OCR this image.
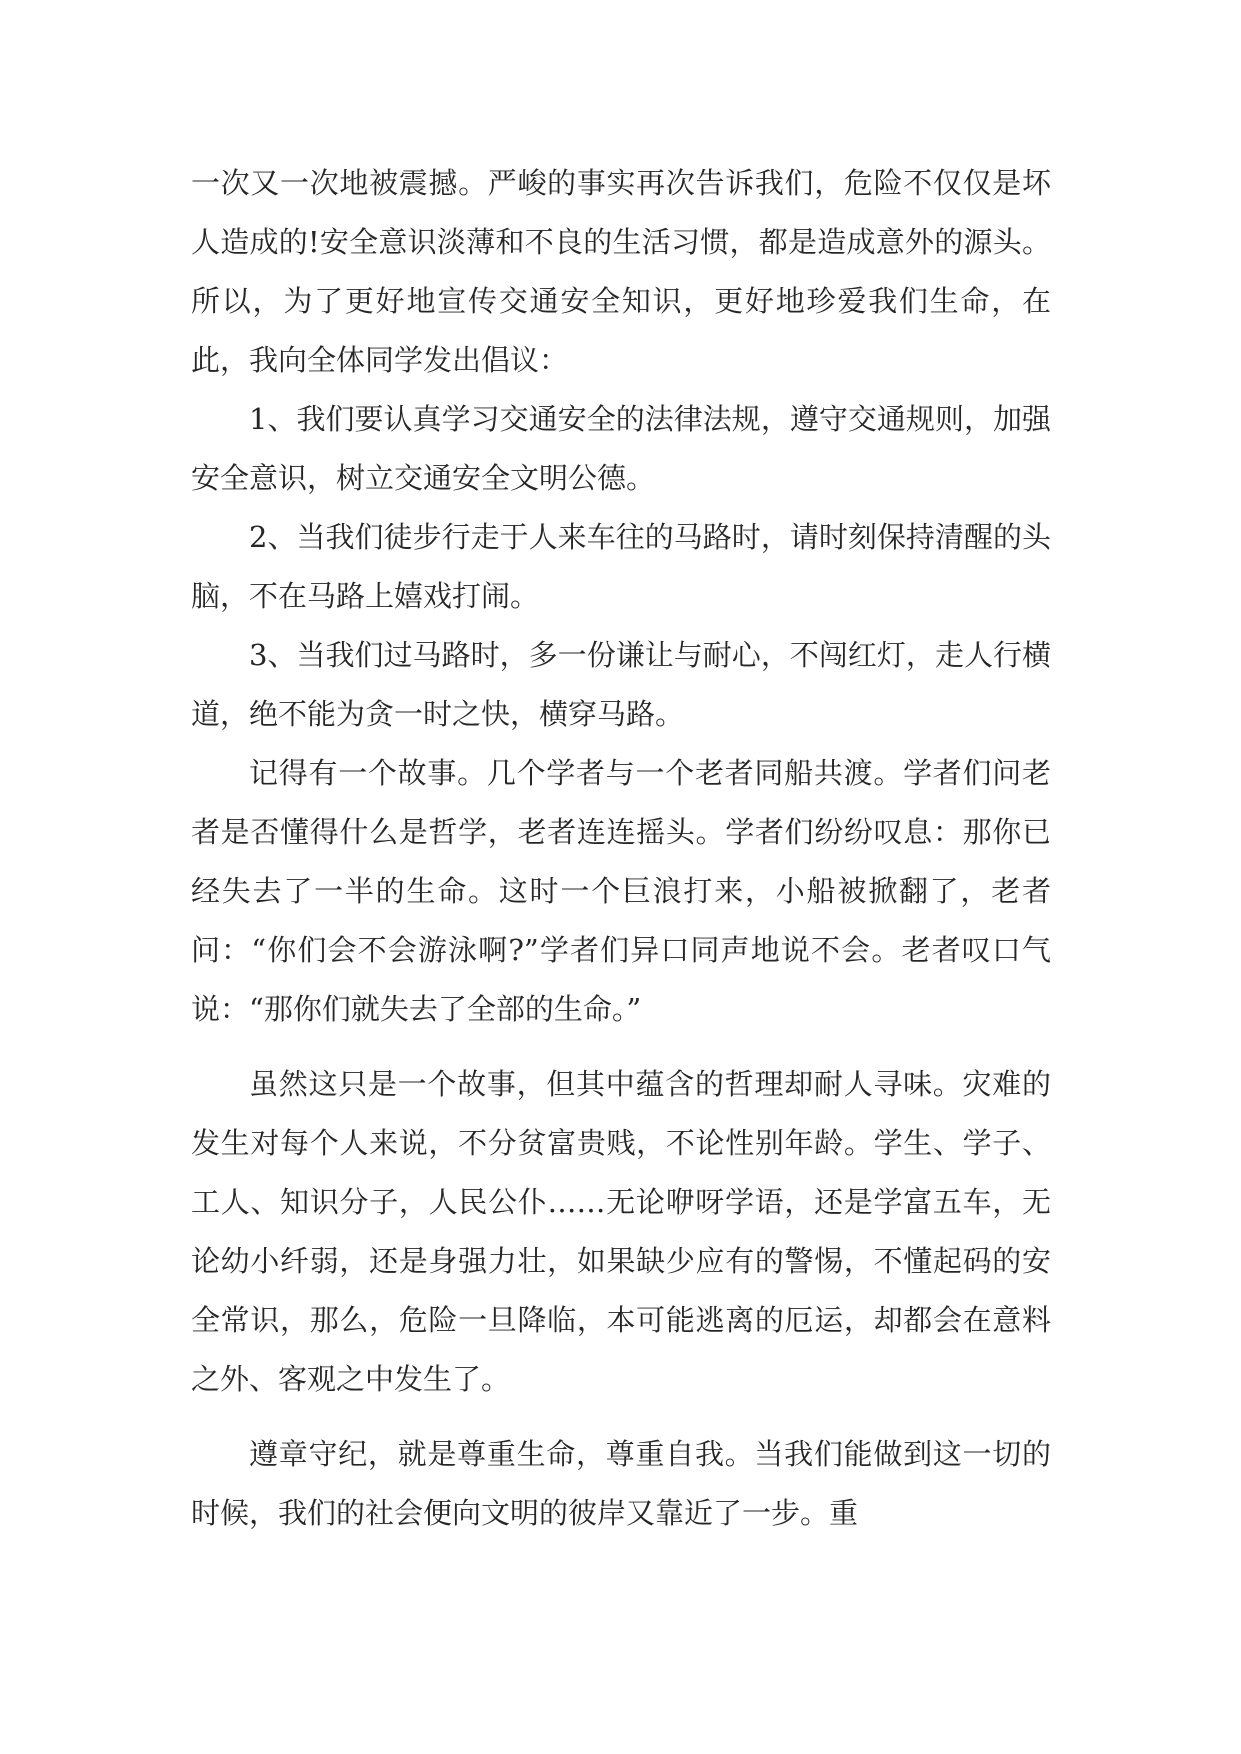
一次又一次地被震撼。严峻的事实再次告诉我们，危险不仅仅是坏人造成的!安全意识淡薄和不良的生活习惯，都是造成意外的源头。所以，为了更好地宣传交通安全知识，更好地珍爱我们生命，在此，我向全体同学发出倡议：

1、我们要认真学习交通安全的法律法规，遵守交通规则，加强安全意识，树立交通安全文明公德。

2、当我们徒步行走于人来车往的马路时，请时刻保持清醒的头脑，不在马路上嬉戏打闹。

3、当我们过马路时，多一份谦让与耐心，不闯红灯，走人行横道，绝不能为贪一时之快，横穿马路。

记得有一个故事。几个学者与一个老者同船共渡。学者们问老者是否懂得什么是哲学，老者连连摇头。学者们纷纷叹息：那你已经失去了一半的生命。这时一个巨浪打来，小船被掀翻了，老者问：“你们会不会游泳啊?”学者们异口同声地说不会。老者叹口气说：“那你们就失去了全部的生命。”

虽然这只是一个故事，但其中蕴含的哲理却耐人寻味。灾难的发生对每个人来说，不分贫富贵贱，不论性别年龄。学生、学子、工人、知识分子，人民公仆……无论咿呀学语，还是学富五车，无论幼小纤弱，还是身强力壮，如果缺少应有的警惕，不懂起码的安全常识，那么，危险一旦降临，本可能逃离的厄运，却都会在意料之外、客观之中发生了。

遵章守纪，就是尊重生命，尊重自我。当我们能做到这一切的时候，我们的社会便向文明的彼岸又靠近了一步。重
